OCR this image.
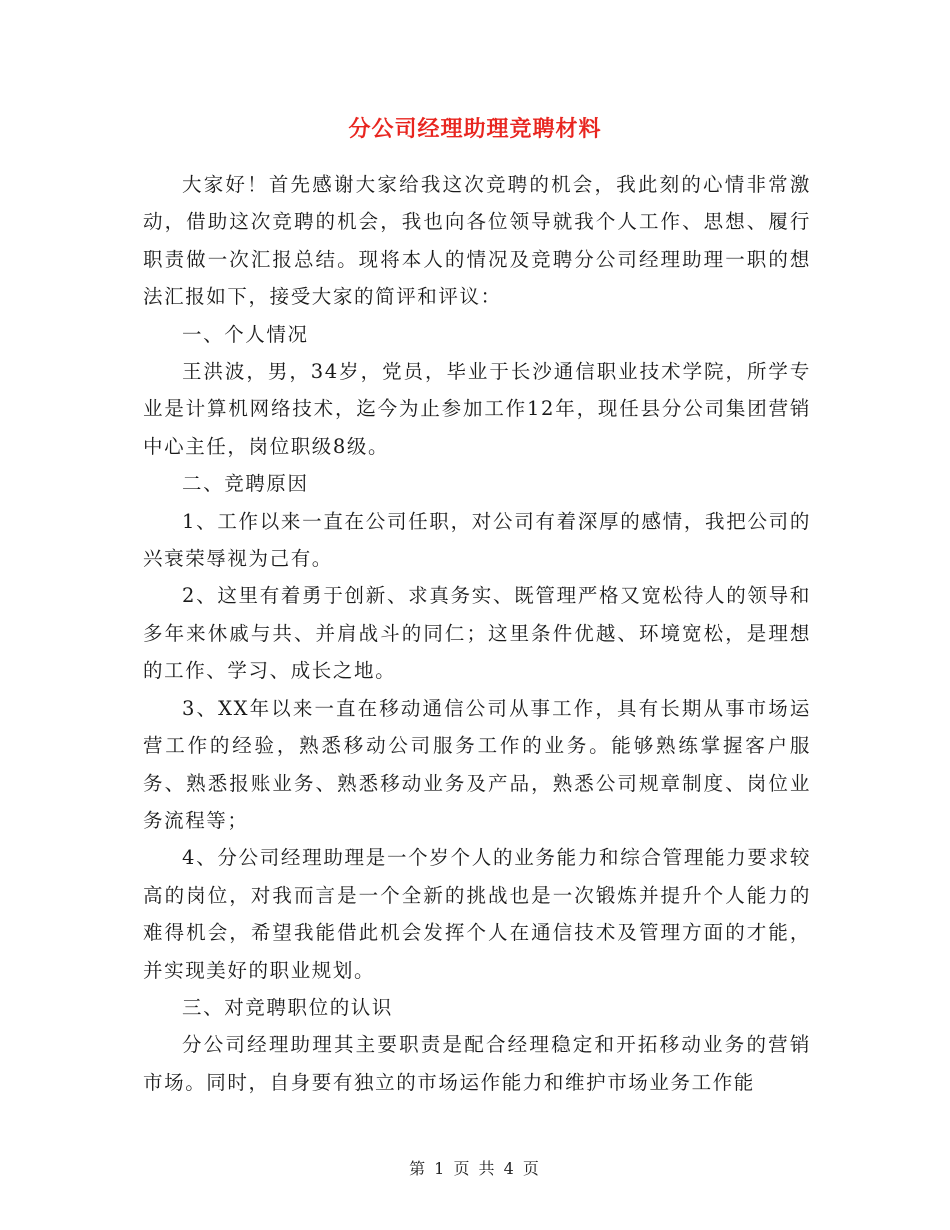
分公司经理助理竞聘材料

大家好！首先感谢大家给我这次竞聘的机会，我此刻的心情非常激动，借助这次竞聘的机会，我也向各位领导就我个人工作、思想、履行职责做一次汇报总结。现将本人的情况及竞聘分公司经理助理一职的想法汇报如下，接受大家的简评和评议：

一、个人情况

王洪波，男，34岁，党员，毕业于长沙通信职业技术学院，所学专业是计算机网络技术，迄今为止参加工作12年，现任县分公司集团营销中心主任，岗位职级8级。

二、竞聘原因

1、工作以来一直在公司任职，对公司有着深厚的感情，我把公司的兴衰荣辱视为己有。

2、这里有着勇于创新、求真务实、既管理严格又宽松待人的领导和多年来休戚与共、并肩战斗的同仁；这里条件优越、环境宽松，是理想的工作、学习、成长之地。

3、XX年以来一直在移动通信公司从事工作，具有长期从事市场运营工作的经验，熟悉移动公司服务工作的业务。能够熟练掌握客户服务、熟悉报账业务、熟悉移动业务及产品，熟悉公司规章制度、岗位业务流程等；

4、分公司经理助理是一个岁个人的业务能力和综合管理能力要求较高的岗位，对我而言是一个全新的挑战也是一次锻炼并提升个人能力的难得机会，希望我能借此机会发挥个人在通信技术及管理方面的才能，并实现美好的职业规划。

三、对竞聘职位的认识

分公司经理助理其主要职责是配合经理稳定和开拓移动业务的营销市场。同时，自身要有独立的市场运作能力和维护市场业务工作能

第 1 页 共 4 页
